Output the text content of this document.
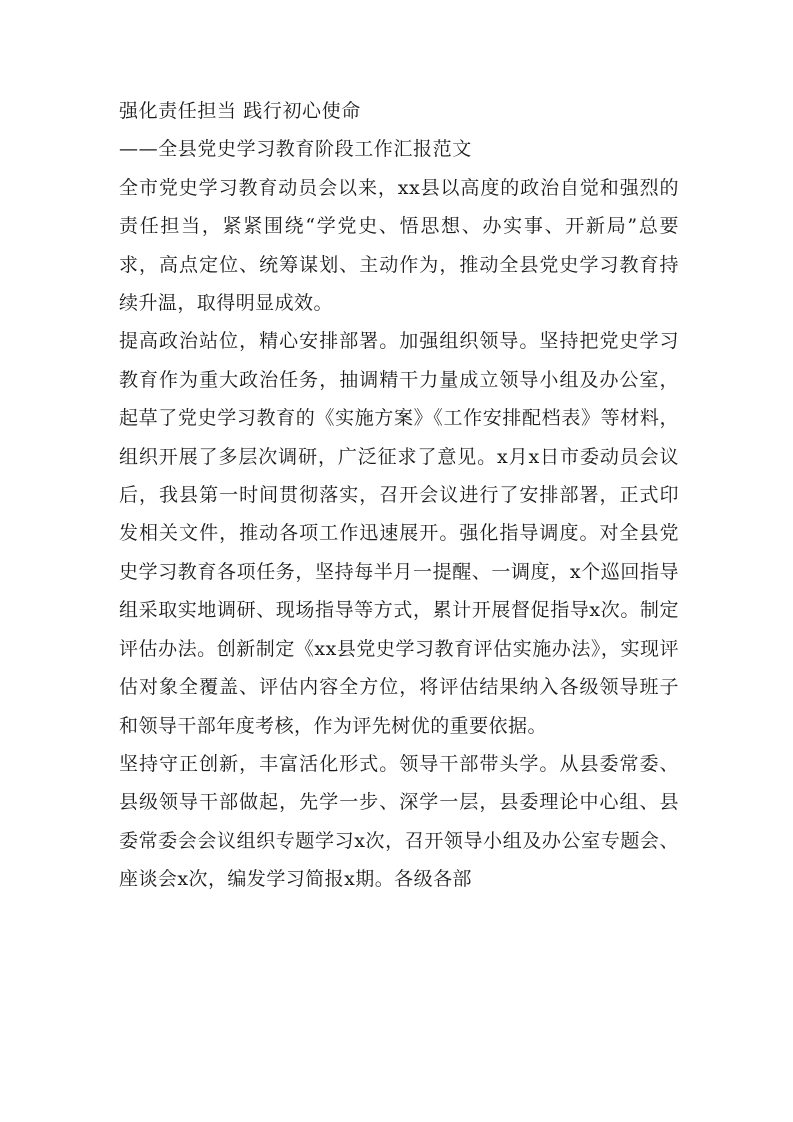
强化责任担当 践行初心使命

——全县党史学习教育阶段工作汇报范文

全市党史学习教育动员会以来，xx县以高度的政治自觉和强烈的责任担当，紧紧围绕“学党史、悟思想、办实事、开新局”总要求，高点定位、统筹谋划、主动作为，推动全县党史学习教育持续升温，取得明显成效。

提高政治站位，精心安排部署。加强组织领导。坚持把党史学习教育作为重大政治任务，抽调精干力量成立领导小组及办公室，起草了党史学习教育的《实施方案》《工作安排配档表》等材料，组织开展了多层次调研，广泛征求了意见。x月x日市委动员会议后，我县第一时间贯彻落实，召开会议进行了安排部署，正式印发相关文件，推动各项工作迅速展开。强化指导调度。对全县党史学习教育各项任务，坚持每半月一提醒、一调度，x个巡回指导组采取实地调研、现场指导等方式，累计开展督促指导x次。制定评估办法。创新制定《xx县党史学习教育评估实施办法》，实现评估对象全覆盖、评估内容全方位，将评估结果纳入各级领导班子和领导干部年度考核，作为评先树优的重要依据。

坚持守正创新，丰富活化形式。领导干部带头学。从县委常委、县级领导干部做起，先学一步、深学一层，县委理论中心组、县委常委会会议组织专题学习x次，召开领导小组及办公室专题会、座谈会x次，编发学习简报x期。各级各部
